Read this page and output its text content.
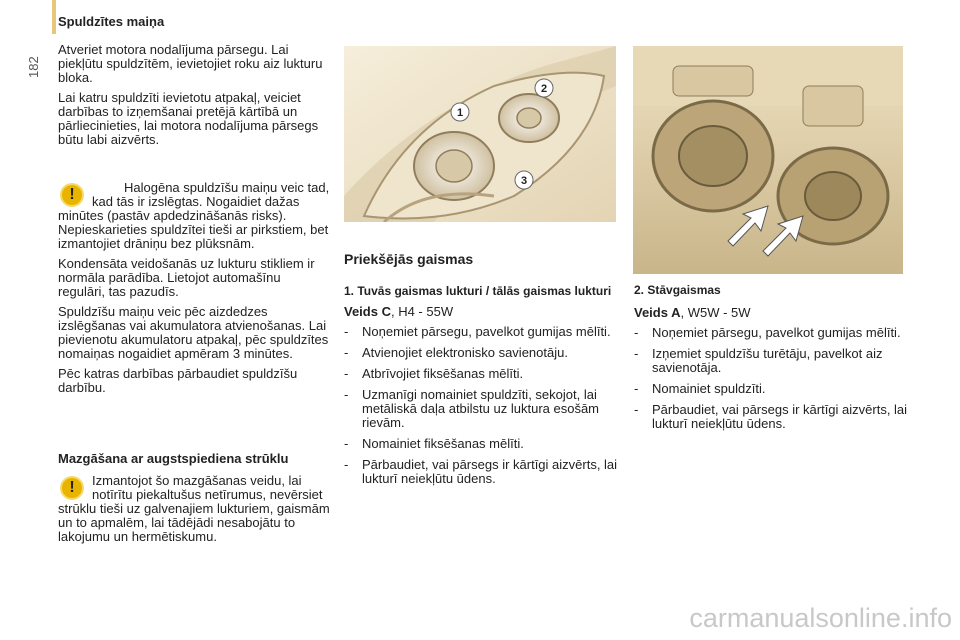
Spuldzītes maiņa
182

Atveriet motora nodalījuma pārsegu. Lai piekļūtu spuldzītēm, ievietojiet roku aiz lukturu bloka.

Lai katru spuldzīti ievietotu atpakaļ, veiciet darbības to izņemšanai pretējā kārtībā un pārliecinieties, lai motora nodalījuma pārsegs būtu labi aizvērts.

!	Halogēna spuldzīšu maiņu veic tad, kad tās ir izslēgtas. Nogaidiet dažas minūtes (pastāv apdedzināšanās risks). Nepieskarieties spuldzītei tieši ar pirkstiem, bet izmantojiet drāniņu bez plūksnām.

Kondensāta veidošanās uz lukturu stikliem ir normāla parādība. Lietojot automašīnu regulāri, tas pazudīs.

Spuldzīšu maiņu veic pēc aizdedzes izslēgšanas vai akumulatora atvienošanas. Lai pievienotu akumulatoru atpakaļ, pēc spuldzītes nomaiņas nogaidiet apmēram 3 minūtes.

Pēc katras darbības pārbaudiet spuldzīšu darbību.

Mazgāšana ar augstspiediena strūklu

!	Izmantojot šo mazgāšanas veidu, lai notīrītu piekaltušus netīrumus, nevērsiet strūklu tieši uz galvenajiem lukturiem, gaismām un to apmalēm, lai tādējādi nesabojātu to lakojumu un hermētiskumu.

1
2
3

Priekšējās gaismas

1. Tuvās gaismas lukturi / tālās gaismas lukturi

Veids C, H4 - 55W

- Noņemiet pārsegu, pavelkot gumijas mēlīti.
- Atvienojiet elektronisko savienotāju.
- Atbrīvojiet fiksēšanas mēlīti.
- Uzmanīgi nomainiet spuldzīti, sekojot, lai metāliskā daļa atbilstu uz luktura esošām rievām.
- Nomainiet fiksēšanas mēlīti.
- Pārbaudiet, vai pārsegs ir kārtīgi aizvērts, lai lukturī neiekļūtu ūdens.

2. Stāvgaismas

Veids A, W5W - 5W

- Noņemiet pārsegu, pavelkot gumijas mēlīti.
- Izņemiet spuldzīšu turētāju, pavelkot aiz savienotāja.
- Nomainiet spuldzīti.
- Pārbaudiet, vai pārsegs ir kārtīgi aizvērts, lai lukturī neiekļūtu ūdens.
carmanualsonline.info
